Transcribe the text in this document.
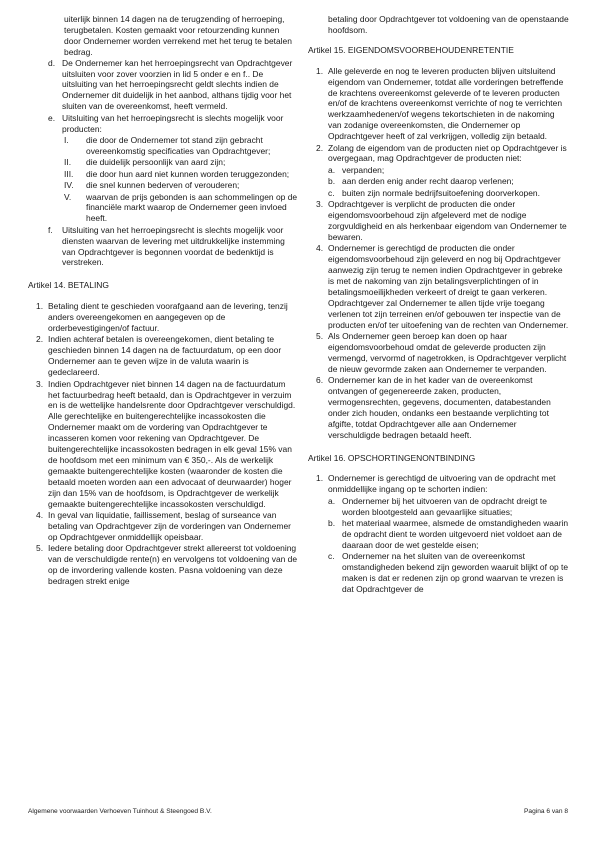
uiterlijk binnen 14 dagen na de terugzending of herroeping, terugbetalen. Kosten gemaakt voor retourzending kunnen door Ondernemer worden verrekend met het terug te betalen bedrag.
d. De Ondernemer kan het herroepingsrecht van Opdrachtgever uitsluiten voor zover voorzien in lid 5 onder e en f.. De uitsluiting van het herroepingsrecht geldt slechts indien de Ondernemer dit duidelijk in het aanbod, althans tijdig voor het sluiten van de overeenkomst, heeft vermeld.
e. Uitsluiting van het herroepingsrecht is slechts mogelijk voor producten:
I.	die door de Ondernemer tot stand zijn gebracht overeenkomstig specificaties van Opdrachtgever;
II.	die duidelijk persoonlijk van aard zijn;
III.	die door hun aard niet kunnen worden teruggezonden;
IV.	die snel kunnen bederven of verouderen;
V.	waarvan de prijs gebonden is aan schommelingen op de financiële markt waarop de Ondernemer geen invloed heeft.
f.	Uitsluiting van het herroepingsrecht is slechts mogelijk voor diensten waarvan de levering met uitdrukkelijke instemming van Opdrachtgever is begonnen voordat de bedenktijd is verstreken.
Artikel 14. BETALING
1. Betaling dient te geschieden voorafgaand aan de levering, tenzij anders overeengekomen en aangegeven op de orderbevestigingen/of factuur.
2. Indien achteraf betalen is overeengekomen, dient betaling te geschieden binnen 14 dagen na de factuurdatum, op een door Ondernemer aan te geven wijze in de valuta waarin is gedeclareerd.
3. Indien Opdrachtgever niet binnen 14 dagen na de factuurdatum het factuurbedrag heeft betaald, dan is Opdrachtgever in verzuim en is de wettelijke handelsrente door Opdrachtgever verschuldigd. Alle gerechtelijke en buitengerechtelijke incassokosten die Ondernemer maakt om de vordering van Opdrachtgever te incasseren komen voor rekening van Opdrachtgever. De buitengerechtelijke incassokosten bedragen in elk geval 15% van de hoofdsom met een minimum van € 350,-. Als de werkelijk gemaakte buitengerechtelijke kosten (waaronder de kosten die betaald moeten worden aan een advocaat of deurwaarder) hoger zijn dan 15% van de hoofdsom, is Opdrachtgever de werkelijk gemaakte buitengerechtelijke incassokosten verschuldigd.
4. In geval van liquidatie, faillissement, beslag of surseance van betaling van Opdrachtgever zijn de vorderingen van Ondernemer op Opdrachtgever onmiddellijk opeisbaar.
5. Iedere betaling door Opdrachtgever strekt allereerst tot voldoening van de verschuldigde rente(n) en vervolgens tot voldoening van de op de invordering vallende kosten. Pasna voldoening van deze bedragen strekt enige
betaling door Opdrachtgever tot voldoening van de openstaande hoofdsom.
Artikel 15. EIGENDOMSVOORBEHOUDENRETENTIE
1. Alle geleverde en nog te leveren producten blijven uitsluitend eigendom van Ondernemer, totdat alle vorderingen betreffende de krachtens overeenkomst geleverde of te leveren producten en/of de krachtens overeenkomst verrichte of nog te verrichten werkzaamhedenen/of wegens tekortschieten in de nakoming van zodanige overeenkomsten, die Ondernemer op Opdrachtgever heeft of zal verkrijgen, volledig zijn betaald.
2. Zolang de eigendom van de producten niet op Opdrachtgever is overgegaan, mag Opdrachtgever de producten niet:
a. verpanden;
b. aan derden enig ander recht daarop verlenen;
c. buiten zijn normale bedrijfsuitoefening doorverkopen.
3. Opdrachtgever is verplicht de producten die onder eigendomsvoorbehoud zijn afgeleverd met de nodige zorgvuldigheid en als herkenbaar eigendom van Ondernemer te bewaren.
4. Ondernemer is gerechtigd de producten die onder eigendomsvoorbehoud zijn geleverd en nog bij Opdrachtgever aanwezig zijn terug te nemen indien Opdrachtgever in gebreke is met de nakoming van zijn betalingsverplichtingen of in betalingsmoeilijkheden verkeert of dreigt te gaan verkeren. Opdrachtgever zal Ondernemer te allen tijde vrije toegang verlenen tot zijn terreinen en/of gebouwen ter inspectie van de producten en/of ter uitoefening van de rechten van Ondernemer.
5. Als Ondernemer geen beroep kan doen op haar eigendomsvoorbehoud omdat de geleverde producten zijn vermengd, vervormd of nagetrokken, is Opdrachtgever verplicht de nieuw gevormde zaken aan Ondernemer te verpanden.
6. Ondernemer kan de in het kader van de overeenkomst ontvangen of gegenereerde zaken, producten, vermogensrechten, gegevens, documenten, databestanden onder zich houden, ondanks een bestaande verplichting tot afgifte, totdat Opdrachtgever alle aan Ondernemer verschuldigde bedragen betaald heeft.
Artikel 16. OPSCHORTINGENONTBINDING
1. Ondernemer is gerechtigd de uitvoering van de opdracht met onmiddellijke ingang op te schorten indien:
a. Ondernemer bij het uitvoeren van de opdracht dreigt te worden blootgesteld aan gevaarlijke situaties;
b. het materiaal waarmee, alsmede de omstandigheden waarin de opdracht dient te worden uitgevoerd niet voldoet aan de daaraan door de wet gestelde eisen;
c. Ondernemer na het sluiten van de overeenkomst omstandigheden bekend zijn geworden waaruit blijkt of op te maken is dat er redenen zijn op grond waarvan te vrezen is dat Opdrachtgever de
Algemene voorwaarden Verhoeven Tuinhout & Steengoed B.V.	Pagina 6 van 8
